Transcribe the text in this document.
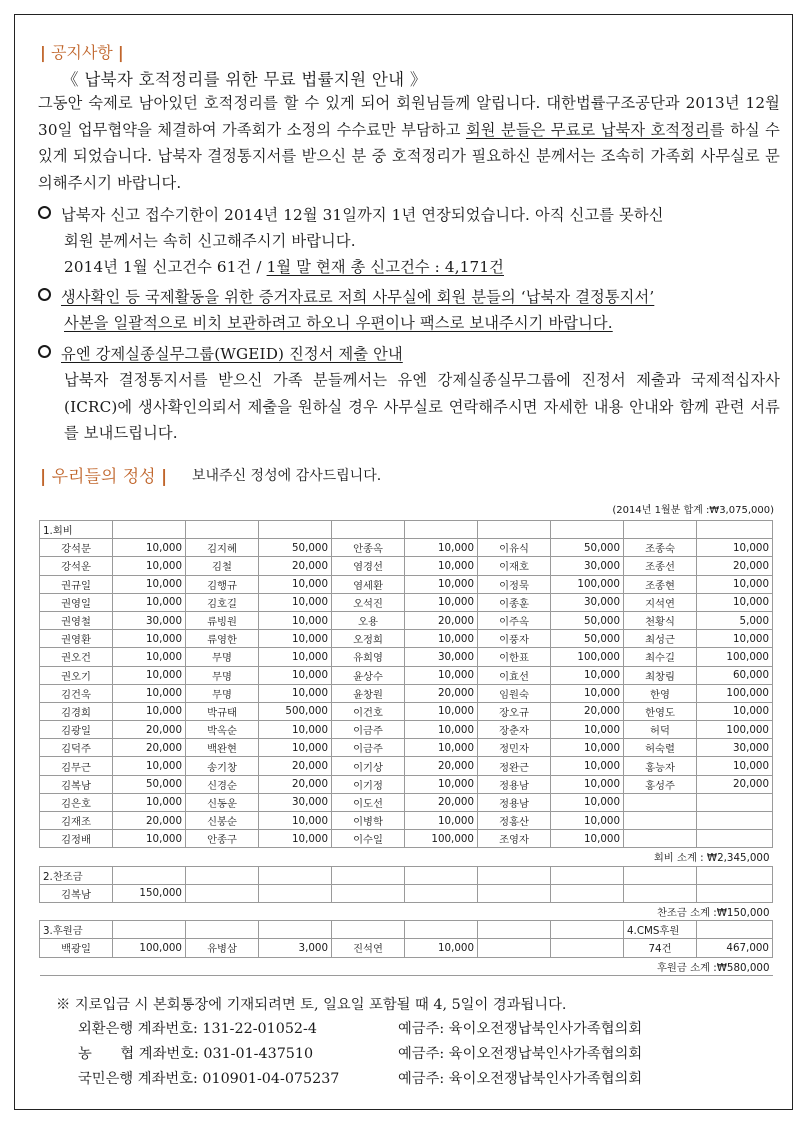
| 공지사항 |
《 납북자 호적정리를 위한 무료 법률지원 안내 》
그동안 숙제로 남아있던 호적정리를 할 수 있게 되어 회원님들께 알립니다. 대한법률구조공단과 2013년 12월 30일 업무협약을 체결하여 가족회가 소정의 수수료만 부담하고 회원 분들은 무료로 납북자 호적정리를 하실 수 있게 되었습니다. 납북자 결정통지서를 받으신 분 중 호적정리가 필요하신 분께서는 조속히 가족회 사무실로 문의해주시기 바랍니다.
납북자 신고 접수기한이 2014년 12월 31일까지 1년 연장되었습니다. 아직 신고를 못하신
회원 분께서는 속히 신고해주시기 바랍니다.
2014년 1월 신고건수 61건 / 1월 말 현재 총 신고건수 : 4,171건
생사확인 등 국제활동을 위한 증거자료로 저희 사무실에 회원 분들의 ‘납북자 결정통지서’
사본을 일괄적으로 비치 보관하려고 하오니 우편이나 팩스로 보내주시기 바랍니다.
유엔 강제실종실무그룹(WGEID) 진정서 제출 안내
납북자 결정통지서를 받으신 가족 분들께서는 유엔 강제실종실무그룹에 진정서 제출과 국제적십자사(ICRC)에 생사확인의뢰서 제출을 원하실 경우 사무실로 연락해주시면 자세한 내용 안내와 함께 관련 서류를 보내드립니다.
| 우리들의 정성 | 보내주신 정성에 감사드립니다.
(2014년 1월분 합계 :₩3,075,000)
1.회비									
강석문	10,000	김지혜	50,000	안종옥	10,000	이유식	50,000	조종숙	10,000
강석운	10,000	김철	20,000	염경선	10,000	이재호	30,000	조종선	20,000
권규일	10,000	김행규	10,000	염세환	10,000	이정묵	100,000	조종현	10,000
권영일	10,000	김호길	10,000	오석진	10,000	이종훈	30,000	지석연	10,000
권영철	30,000	류빙원	10,000	오용	20,000	이주옥	50,000	천황식	5,000
권영환	10,000	류영한	10,000	오정희	10,000	이풍자	50,000	최성근	10,000
권오건	10,000	무명	10,000	유희영	30,000	이한표	100,000	최수길	100,000
권오기	10,000	무명	10,000	윤상수	10,000	이효선	10,000	최창림	60,000
김건욱	10,000	무명	10,000	윤창원	20,000	임원숙	10,000	한영	100,000
김경희	10,000	박규태	500,000	이건호	10,000	장오규	20,000	한영도	10,000
김광일	20,000	박옥순	10,000	이금주	10,000	장춘자	10,000	허덕	100,000
김덕주	20,000	백완현	10,000	이금주	10,000	정민자	10,000	허숙렬	30,000
김무근	10,000	송기창	20,000	이기상	20,000	정완근	10,000	홍능자	10,000
김복남	50,000	신경순	20,000	이기정	10,000	정용남	10,000	홍성주	20,000
김은호	10,000	신동운	30,000	이도선	20,000	정용남	10,000		
김재조	20,000	신봉순	10,000	이병학	10,000	정홍산	10,000		
김정배	10,000	안종구	10,000	이수일	100,000	조영자	10,000		
회비 소계 : ₩2,345,000									
2.찬조금									
김복남	150,000								
찬조금 소계 :₩150,000									
3.후원금								4.CMS후원	
백광일	100,000	유병삼	3,000	진석연	10,000			74건	467,000
후원금 소계 :₩580,000									
※ 지로입금 시 본회통장에 기재되려면 토, 일요일 포함될 때 4, 5일이 경과됩니다.
외환은행 계좌번호: 131-22-01052-4	예금주: 육이오전쟁납북인사가족협의회
농　　협 계좌번호: 031-01-437510	예금주: 육이오전쟁납북인사가족협의회
국민은행 계좌번호: 010901-04-075237	예금주: 육이오전쟁납북인사가족협의회
